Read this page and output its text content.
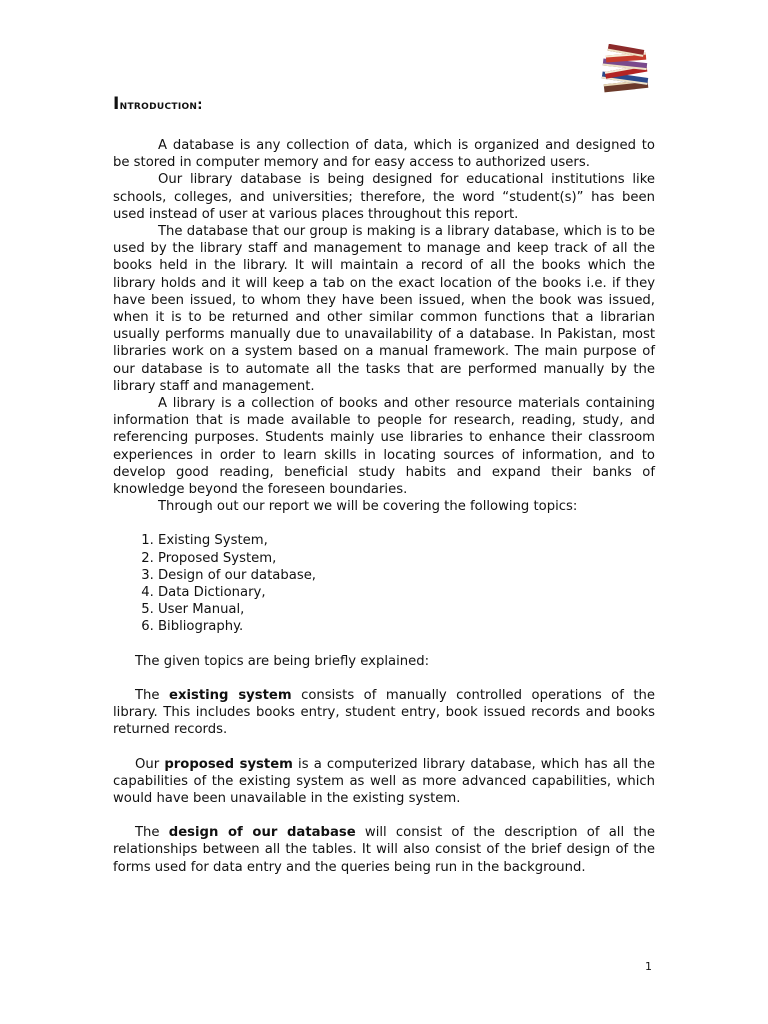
Introduction:

A database is any collection of data, which is organized and designed to be stored in computer memory and for easy access to authorized users.

Our library database is being designed for educational institutions like schools, colleges, and universities; therefore, the word “student(s)” has been used instead of user at various places throughout this report.

The database that our group is making is a library database, which is to be used by the library staff and management to manage and keep track of all the books held in the library. It will maintain a record of all the books which the library holds and it will keep a tab on the exact location of the books i.e. if they have been issued, to whom they have been issued, when the book was issued, when it is to be returned and other similar common functions that a librarian usually performs manually due to unavailability of a database. In Pakistan, most libraries work on a system based on a manual framework. The main purpose of our database is to automate all the tasks that are performed manually by the library staff and management.

A library is a collection of books and other resource materials containing information that is made available to people for research, reading, study, and referencing purposes. Students mainly use libraries to enhance their classroom experiences in order to learn skills in locating sources of information, and to develop good reading, beneficial study habits and expand their banks of knowledge beyond the foreseen boundaries.

Through out our report we will be covering the following topics:

1. Existing System,
2. Proposed System,
3. Design of our database,
4. Data Dictionary,
5. User Manual,
6. Bibliography.

The given topics are being briefly explained:

The existing system consists of manually controlled operations of the library. This includes books entry, student entry, book issued records and books returned records.

Our proposed system is a computerized library database, which has all the capabilities of the existing system as well as more advanced capabilities, which would have been unavailable in the existing system.

The design of our database will consist of the description of all the relationships between all the tables. It will also consist of the brief design of the forms used for data entry and the queries being run in the background.

1
